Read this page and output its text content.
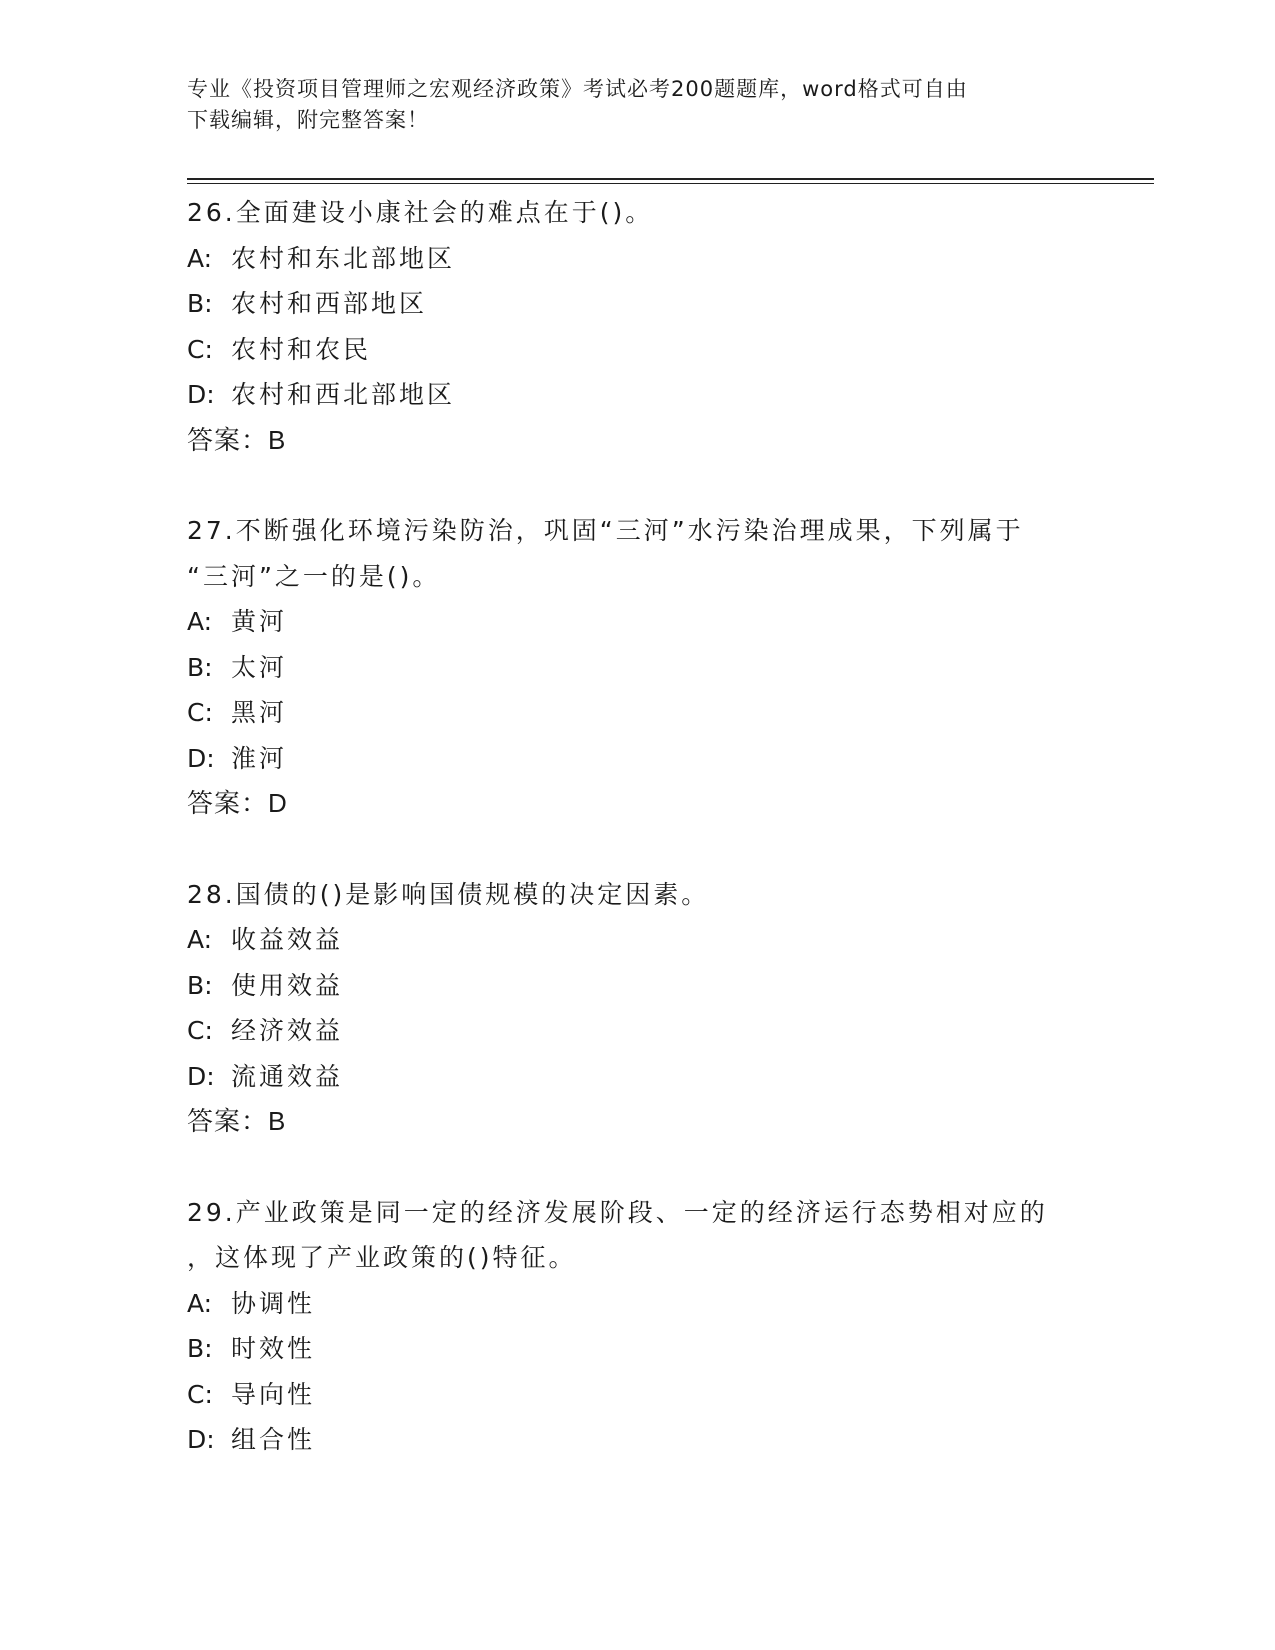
专业《投资项目管理师之宏观经济政策》考试必考200题题库，word格式可自由
下载编辑，附完整答案！
26.全面建设小康社会的难点在于()。
A: 农村和东北部地区
B: 农村和西部地区
C: 农村和农民
D: 农村和西北部地区
答案：B
27.不断强化环境污染防治，巩固“三河”水污染治理成果，下列属于
“三河”之一的是()。
A: 黄河
B: 太河
C: 黑河
D: 淮河
答案：D
28.国债的()是影响国债规模的决定因素。
A: 收益效益
B: 使用效益
C: 经济效益
D: 流通效益
答案：B
29.产业政策是同一定的经济发展阶段、一定的经济运行态势相对应的
，这体现了产业政策的()特征。
A: 协调性
B: 时效性
C: 导向性
D: 组合性
